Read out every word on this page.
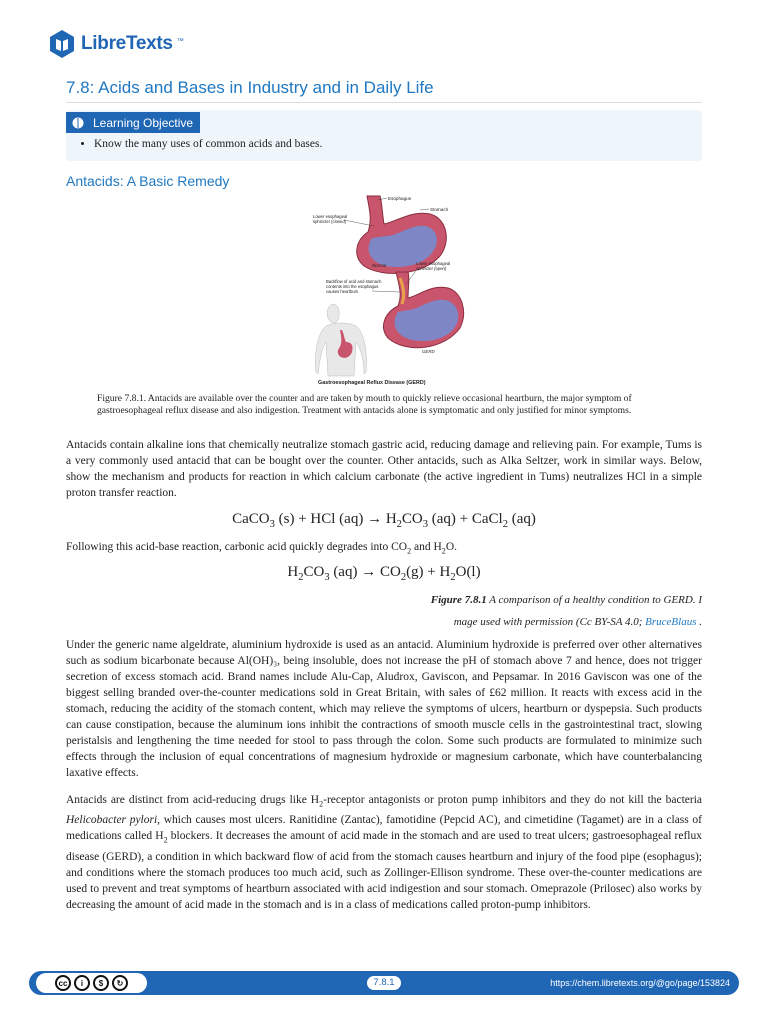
LibreTexts ™
7.8: Acids and Bases in Industry and in Daily Life
Learning Objective
• Know the many uses of common acids and bases.
Antacids: A Basic Remedy
Esophagus
Stomach
Lower esophageal
sphincter (closed)
Normal	Lower esophageal
sphincter (open)
Backflow of acid and stomach
contents into the esophagus
causes heartburn
GERD
Gastroesophageal Reflux Disease (GERD)

Figure 7.8.1. Antacids are available over the counter and are taken by mouth to quickly relieve occasional heartburn, the major symptom of gastroesophageal reflux disease and also indigestion. Treatment with antacids alone is symptomatic and only justified for minor symptoms.

Antacids contain alkaline ions that chemically neutralize stomach gastric acid, reducing damage and relieving pain. For example, Tums is a very commonly used antacid that can be bought over the counter. Other antacids, such as Alka Seltzer, work in similar ways. Below, show the mechanism and products for reaction in which calcium carbonate (the active ingredient in Tums) neutralizes HCl in a simple proton transfer reaction.

CaCO$_3$ (s) + HCl $(aq) \to H_2CO_3$ (aq) + CaCl$_2$ (aq)

Following this acid-base reaction, carbonic acid quickly degrades into $CO_2$ and $H_2O$.

$H_2CO_3$ $(aq) \to CO_2(g) + H_2O(l)$
Figure 7.8.1 A comparison of a healthy condition to GERD. I
mage used with permission (Cc BY-SA 4.0; BruceBlaus .

Under the generic name algeldrate, aluminium hydroxide is used as an antacid. Aluminium hydroxide is preferred over other alternatives such as sodium bicarbonate because Al(OH)₃, being insoluble, does not increase the pH of stomach above 7 and hence, does not trigger secretion of excess stomach acid. Brand names include Alu-Cap, Aludrox, Gaviscon, and Pepsamar. In 2016 Gaviscon was one of the biggest selling branded over-the-counter medications sold in Great Britain, with sales of £62 million. It reacts with excess acid in the stomach, reducing the acidity of the stomach content, which may relieve the symptoms of ulcers, heartburn or dyspepsia. Such products can cause constipation, because the aluminum ions inhibit the contractions of smooth muscle cells in the gastrointestinal tract, slowing peristalsis and lengthening the time needed for stool to pass through the colon. Some such products are formulated to minimize such effects through the inclusion of equal concentrations of magnesium hydroxide or magnesium carbonate, which have counterbalancing laxative effects.

Antacids are distinct from acid-reducing drugs like $H_2$-receptor antagonists or proton pump inhibitors and they do not kill the bacteria Helicobacter pylori, which causes most ulcers. Ranitidine (Zantac), famotidine (Pepcid AC), and cimetidine (Tagamet) are in a class of medications called $H_2$ blockers. It decreases the amount of acid made in the stomach and are used to treat ulcers; gastroesophageal reflux disease (GERD), a condition in which backward flow of acid from the stomach causes heartburn and injury of the food pipe (esophagus); and conditions where the stomach produces too much acid, such as Zollinger-Ellison syndrome. These over-the-counter medications are used to prevent and treat symptoms of heartburn associated with acid indigestion and sour stomach. Omeprazole (Prilosec) also works by decreasing the amount of acid made in the stomach and is in a class of medications called proton-pump inhibitors.

cc	i	$	↻	7.8.1	https://chem.libretexts.org/@go/page/153824
